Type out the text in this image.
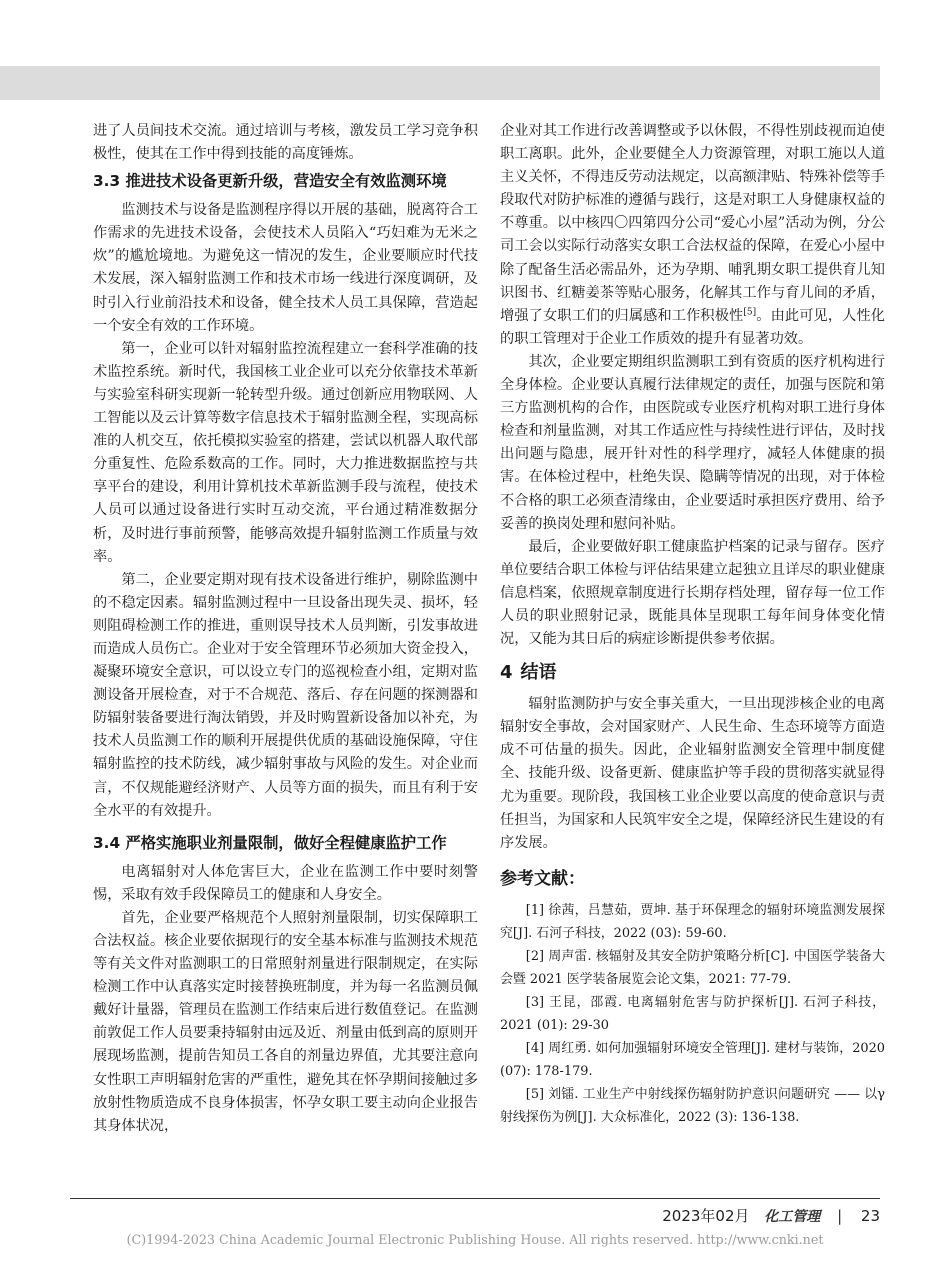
进了人员间技术交流。通过培训与考核，激发员工学习竞争积极性，使其在工作中得到技能的高度锤炼。

3.3 推进技术设备更新升级，营造安全有效监测环境

监测技术与设备是监测程序得以开展的基础，脱离符合工作需求的先进技术设备，会使技术人员陷入“巧妇难为无米之炊”的尴尬境地。为避免这一情况的发生，企业要顺应时代技术发展，深入辐射监测工作和技术市场一线进行深度调研，及时引入行业前沿技术和设备，健全技术人员工具保障，营造起一个安全有效的工作环境。

第一，企业可以针对辐射监控流程建立一套科学准确的技术监控系统。新时代，我国核工业企业可以充分依靠技术革新与实验室科研实现新一轮转型升级。通过创新应用物联网、人工智能以及云计算等数字信息技术于辐射监测全程，实现高标准的人机交互，依托模拟实验室的搭建，尝试以机器人取代部分重复性、危险系数高的工作。同时，大力推进数据监控与共享平台的建设，利用计算机技术革新监测手段与流程，使技术人员可以通过设备进行实时互动交流，平台通过精准数据分析，及时进行事前预警，能够高效提升辐射监测工作质量与效率。

第二，企业要定期对现有技术设备进行维护，剔除监测中的不稳定因素。辐射监测过程中一旦设备出现失灵、损坏，轻则阻碍检测工作的推进，重则误导技术人员判断，引发事故进而造成人员伤亡。企业对于安全管理环节必须加大资金投入，凝聚环境安全意识，可以设立专门的巡视检查小组，定期对监测设备开展检查，对于不合规范、落后、存在问题的探测器和防辐射装备要进行淘汰销毁，并及时购置新设备加以补充，为技术人员监测工作的顺利开展提供优质的基础设施保障，守住辐射监控的技术防线，减少辐射事故与风险的发生。对企业而言，不仅规能避经济财产、人员等方面的损失，而且有利于安全水平的有效提升。

3.4 严格实施职业剂量限制，做好全程健康监护工作

电离辐射对人体危害巨大，企业在监测工作中要时刻警惕，采取有效手段保障员工的健康和人身安全。

首先，企业要严格规范个人照射剂量限制，切实保障职工合法权益。核企业要依据现行的安全基本标准与监测技术规范等有关文件对监测职工的日常照射剂量进行限制规定，在实际检测工作中认真落实定时接替换班制度，并为每一名监测员佩戴好计量器，管理员在监测工作结束后进行数值登记。在监测前敦促工作人员要秉持辐射由远及近、剂量由低到高的原则开展现场监测，提前告知员工各自的剂量边界值，尤其要注意向女性职工声明辐射危害的严重性，避免其在怀孕期间接触过多放射性物质造成不良身体损害，怀孕女职工要主动向企业报告其身体状况，

企业对其工作进行改善调整或予以休假，不得性别歧视而迫使职工离职。此外，企业要健全人力资源管理，对职工施以人道主义关怀，不得违反劳动法规定，以高额津贴、特殊补偿等手段取代对防护标准的遵循与践行，这是对职工人身健康权益的不尊重。以中核四〇四第四分公司“爱心小屋”活动为例，分公司工会以实际行动落实女职工合法权益的保障，在爱心小屋中除了配备生活必需品外，还为孕期、哺乳期女职工提供育儿知识图书、红糖姜茶等贴心服务，化解其工作与育儿间的矛盾，增强了女职工们的归属感和工作积极性[5]。由此可见，人性化的职工管理对于企业工作质效的提升有显著功效。

其次，企业要定期组织监测职工到有资质的医疗机构进行全身体检。企业要认真履行法律规定的责任，加强与医院和第三方监测机构的合作，由医院或专业医疗机构对职工进行身体检查和剂量监测，对其工作适应性与持续性进行评估，及时找出问题与隐患，展开针对性的科学理疗，减轻人体健康的损害。在体检过程中，杜绝失误、隐瞒等情况的出现，对于体检不合格的职工必须查清缘由，企业要适时承担医疗费用、给予妥善的换岗处理和慰问补贴。

最后，企业要做好职工健康监护档案的记录与留存。医疗单位要结合职工体检与评估结果建立起独立且详尽的职业健康信息档案，依照规章制度进行长期存档处理，留存每一位工作人员的职业照射记录，既能具体呈现职工每年间身体变化情况，又能为其日后的病症诊断提供参考依据。

4 结语

辐射监测防护与安全事关重大，一旦出现涉核企业的电离辐射安全事故，会对国家财产、人民生命、生态环境等方面造成不可估量的损失。因此，企业辐射监测安全管理中制度健全、技能升级、设备更新、健康监护等手段的贯彻落实就显得尤为重要。现阶段，我国核工业企业要以高度的使命意识与责任担当，为国家和人民筑牢安全之堤，保障经济民生建设的有序发展。

参考文献：

[1] 徐茜，吕慧茹，贾坤. 基于环保理念的辐射环境监测发展探究[J]. 石河子科技，2022 (03): 59-60.

[2] 周声雷. 核辐射及其安全防护策略分析[C]. 中国医学装备大会暨 2021 医学装备展览会论文集，2021: 77-79.

[3] 王昆，邵霞. 电离辐射危害与防护探析[J]. 石河子科技，2021 (01): 29-30

[4] 周红勇. 如何加强辐射环境安全管理[J]. 建材与装饰，2020 (07): 178-179.

[5] 刘镭. 工业生产中射线探伤辐射防护意识问题研究 —— 以γ射线探伤为例[J]. 大众标准化，2022 (3): 136-138.

2023年02月 化工管理 | 23
(C)1994-2023 China Academic Journal Electronic Publishing House. All rights reserved. http://www.cnki.net
